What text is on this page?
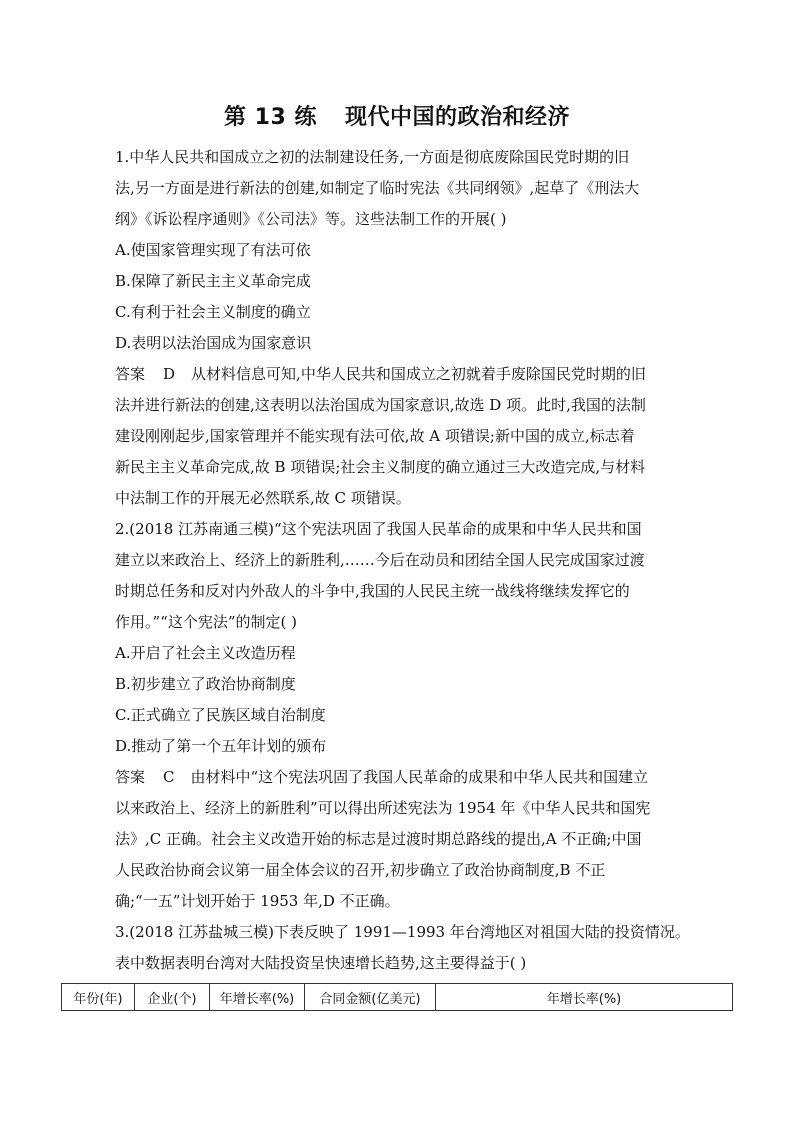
第 13 练 现代中国的政治和经济

1.中华人民共和国成立之初的法制建设任务,一方面是彻底废除国民党时期的旧

法,另一方面是进行新法的创建,如制定了临时宪法《共同纲领》,起草了《刑法大

纲》《诉讼程序通则》《公司法》等。这些法制工作的开展( )

A.使国家管理实现了有法可依

B.保障了新民主主义革命完成

C.有利于社会主义制度的确立

D.表明以法治国成为国家意识

答案 D 从材料信息可知,中华人民共和国成立之初就着手废除国民党时期的旧

法并进行新法的创建,这表明以法治国成为国家意识,故选 D 项。此时,我国的法制

建设刚刚起步,国家管理并不能实现有法可依,故 A 项错误;新中国的成立,标志着

新民主主义革命完成,故 B 项错误;社会主义制度的确立通过三大改造完成,与材料

中法制工作的开展无必然联系,故 C 项错误。

2.(2018 江苏南通三模)“这个宪法巩固了我国人民革命的成果和中华人民共和国

建立以来政治上、经济上的新胜利,……今后在动员和团结全国人民完成国家过渡

时期总任务和反对内外敌人的斗争中,我国的人民民主统一战线将继续发挥它的

作用。”“这个宪法”的制定( )

A.开启了社会主义改造历程

B.初步建立了政治协商制度

C.正式确立了民族区域自治制度

D.推动了第一个五年计划的颁布

答案 C 由材料中“这个宪法巩固了我国人民革命的成果和中华人民共和国建立

以来政治上、经济上的新胜利”可以得出所述宪法为 1954 年《中华人民共和国宪

法》,C 正确。社会主义改造开始的标志是过渡时期总路线的提出,A 不正确;中国

人民政治协商会议第一届全体会议的召开,初步确立了政治协商制度,B 不正

确;“一五”计划开始于 1953 年,D 不正确。

3.(2018 江苏盐城三模)下表反映了 1991—1993 年台湾地区对祖国大陆的投资情况。

表中数据表明台湾对大陆投资呈快速增长趋势,这主要得益于( )

年份(年)	企业(个)	年增长率(%)	合同金额(亿美元)	年增长率(%)
